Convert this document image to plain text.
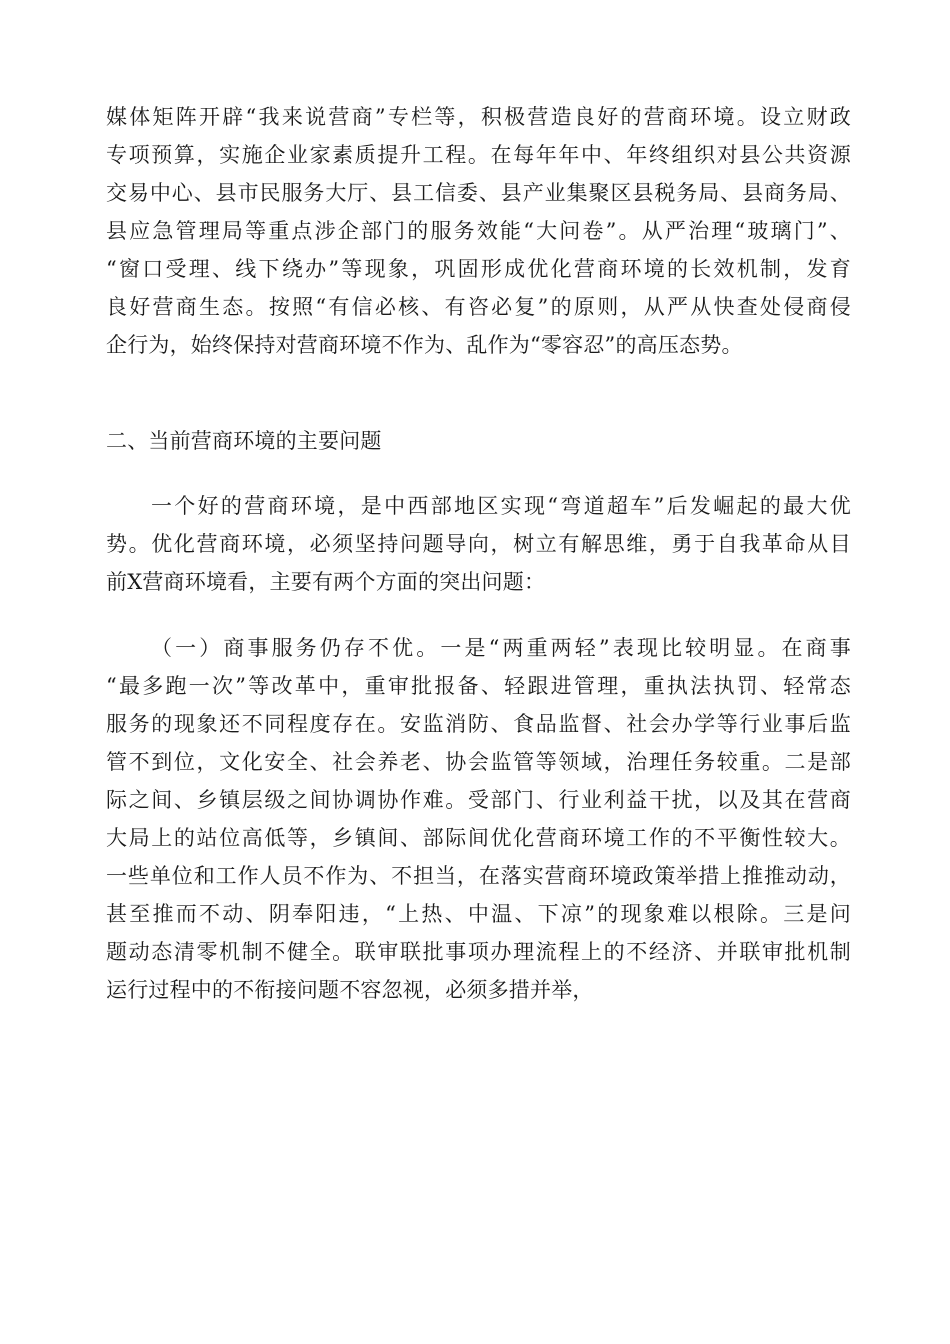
媒体矩阵开辟“我来说营商”专栏等，积极营造良好的营商环境。设立财政
专项预算，实施企业家素质提升工程。在每年年中、年终组织对县公共资源
交易中心、县市民服务大厅、县工信委、县产业集聚区县税务局、县商务局、
县应急管理局等重点涉企部门的服务效能“大问卷”。从严治理“玻璃门”、
“窗口受理、线下绕办”等现象，巩固形成优化营商环境的长效机制，发育
良好营商生态。按照“有信必核、有咨必复”的原则，从严从快查处侵商侵
企行为，始终保持对营商环境不作为、乱作为“零容忍”的高压态势。
二、当前营商环境的主要问题
一个好的营商环境，是中西部地区实现“弯道超车”后发崛起的最大优
势。优化营商环境，必须坚持问题导向，树立有解思维，勇于自我革命从目
前X营商环境看，主要有两个方面的突出问题：
（一）商事服务仍存不优。一是“两重两轻”表现比较明显。在商事
“最多跑一次”等改革中，重审批报备、轻跟进管理，重执法执罚、轻常态
服务的现象还不同程度存在。安监消防、食品监督、社会办学等行业事后监
管不到位，文化安全、社会养老、协会监管等领域，治理任务较重。二是部
际之间、乡镇层级之间协调协作难。受部门、行业利益干扰，以及其在营商
大局上的站位高低等，乡镇间、部际间优化营商环境工作的不平衡性较大。
一些单位和工作人员不作为、不担当，在落实营商环境政策举措上推推动动，
甚至推而不动、阴奉阳违，“上热、中温、下凉”的现象难以根除。三是问
题动态清零机制不健全。联审联批事项办理流程上的不经济、并联审批机制
运行过程中的不衔接问题不容忽视，必须多措并举，
